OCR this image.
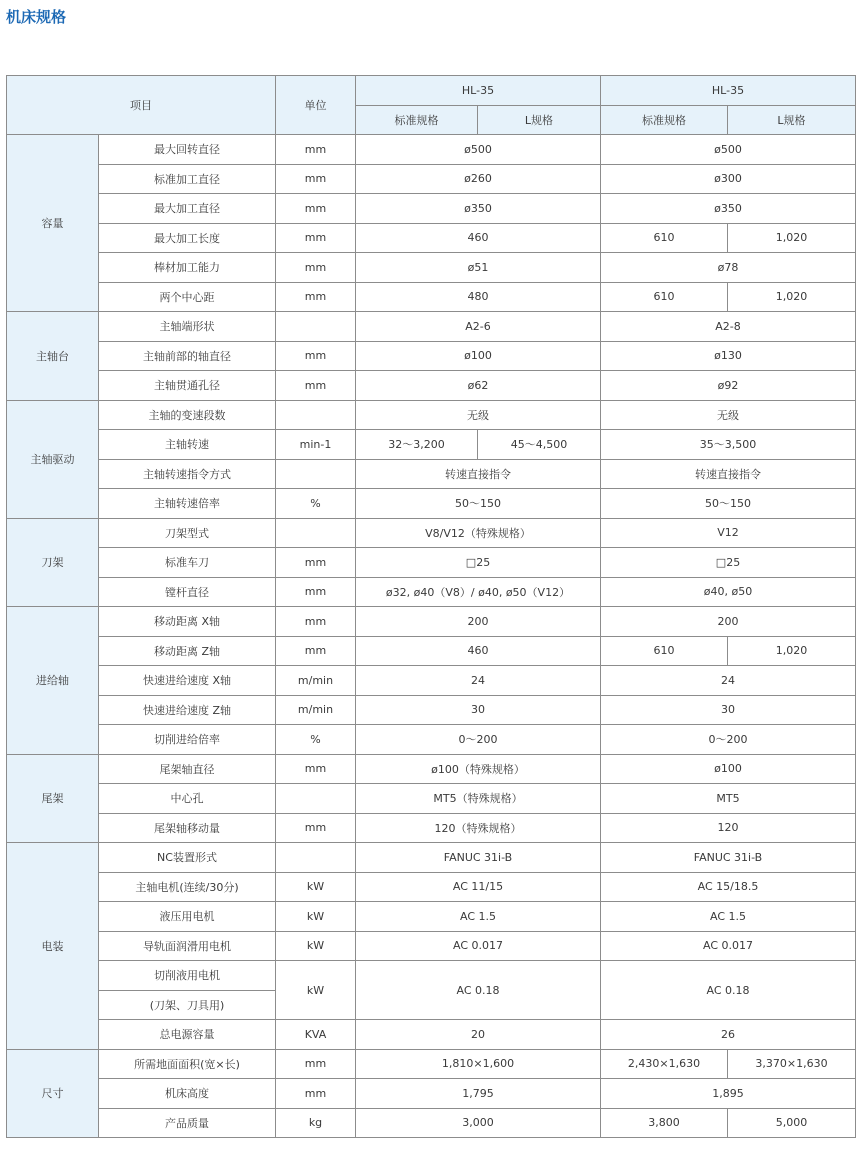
机床规格
项目		单位	HL-35		HL-35	
			标准规格	L规格	标准规格	L规格
容量	最大回转直径	mm	ø500		ø500	
	标准加工直径	mm	ø260		ø300	
	最大加工直径	mm	ø350		ø350	
	最大加工长度	mm	460		610	1,020
	棒材加工能力	mm	ø51		ø78	
	两个中心距	mm	480		610	1,020
主轴台	主轴端形状		A2-6		A2-8	
	主轴前部的轴直径	mm	ø100		ø130	
	主轴贯通孔径	mm	ø62		ø92	
主轴驱动	主轴的变速段数		无级		无级	
	主轴转速	min-1	32～3,200	45～4,500	35～3,500	
	主轴转速指令方式		转速直接指令		转速直接指令	
	主轴转速倍率	%	50～150		50～150	
刀架	刀架型式		V8/V12（特殊规格）		V12	
	标准车刀	mm	□25		□25	
	镗杆直径	mm	ø32, ø40（V8）/ ø40, ø50（V12）		ø40, ø50	
进给轴	移动距离 X轴	mm	200		200	
	移动距离 Z轴	mm	460		610	1,020
	快速进给速度 X轴	m/min	24		24	
	快速进给速度 Z轴	m/min	30		30	
	切削进给倍率	%	0～200		0～200	
尾架	尾架轴直径	mm	ø100（特殊规格）		ø100	
	中心孔		MT5（特殊规格）		MT5	
	尾架轴移动量	mm	120（特殊规格）		120	
电装	NC装置形式		FANUC 31i-B		FANUC 31i-B	
	主轴电机(连续/30分)	kW	AC 11/15		AC 15/18.5	
	液压用电机	kW	AC 1.5		AC 1.5	
	导轨面润滑用电机	kW	AC 0.017		AC 0.017	
	切削液用电机	kW	AC 0.18		AC 0.18	
	(刀架、刀具用)					
	总电源容量	KVA	20		26	
尺寸	所需地面面积(宽×长)	mm	1,810×1,600		2,430×1,630	3,370×1,630
	机床高度	mm	1,795		1,895	
	产品质量	kg	3,000		3,800	5,000
